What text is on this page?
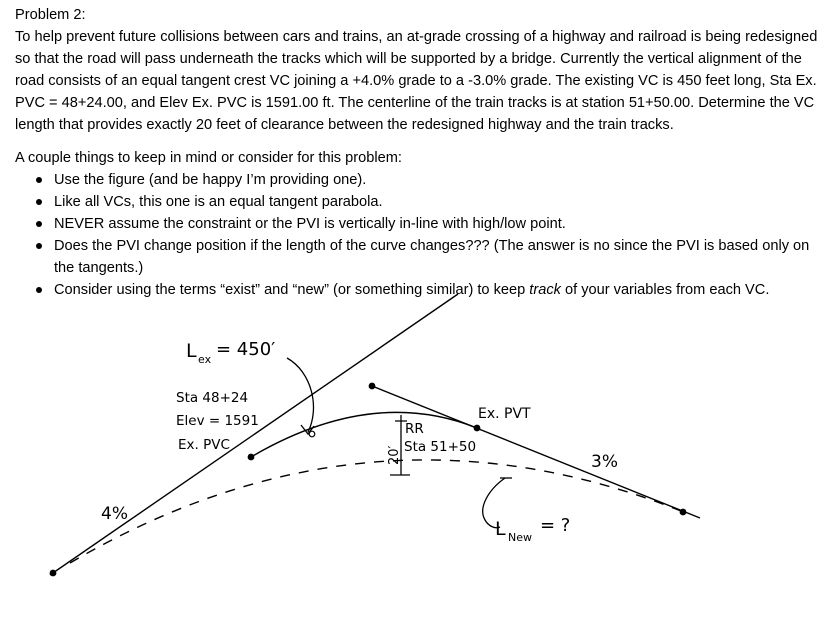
Problem 2:

To help prevent future collisions between cars and trains, an at-grade crossing of a highway and railroad is being redesigned so that the road will pass underneath the tracks which will be supported by a bridge. Currently the vertical alignment of the road consists of an equal tangent crest VC joining a +4.0% grade to a -3.0% grade. The existing VC is 450 feet long, Sta Ex. PVC = 48+24.00, and Elev Ex. PVC is 1591.00 ft. The centerline of the train tracks is at station 51+50.00. Determine the VC length that provides exactly 20 feet of clearance between the redesigned highway and the train tracks.

A couple things to keep in mind or consider for this problem:

Use the figure (and be happy I’m providing one).
Like all VCs, this one is an equal tangent parabola.
NEVER assume the constraint or the PVI is vertically in-line with high/low point.
Does the PVI change position if the length of the curve changes??? (The answer is no since the PVI is based only on the tangents.)
Consider using the terms “exist” and “new” (or something similar) to keep track of your variables from each VC.
L ex = 450′
Sta 48+24
Elev = 1591
Ex. PVC
Ex. PVT
RR
Sta 51+50
20′
4%
3%
L New
= ?
